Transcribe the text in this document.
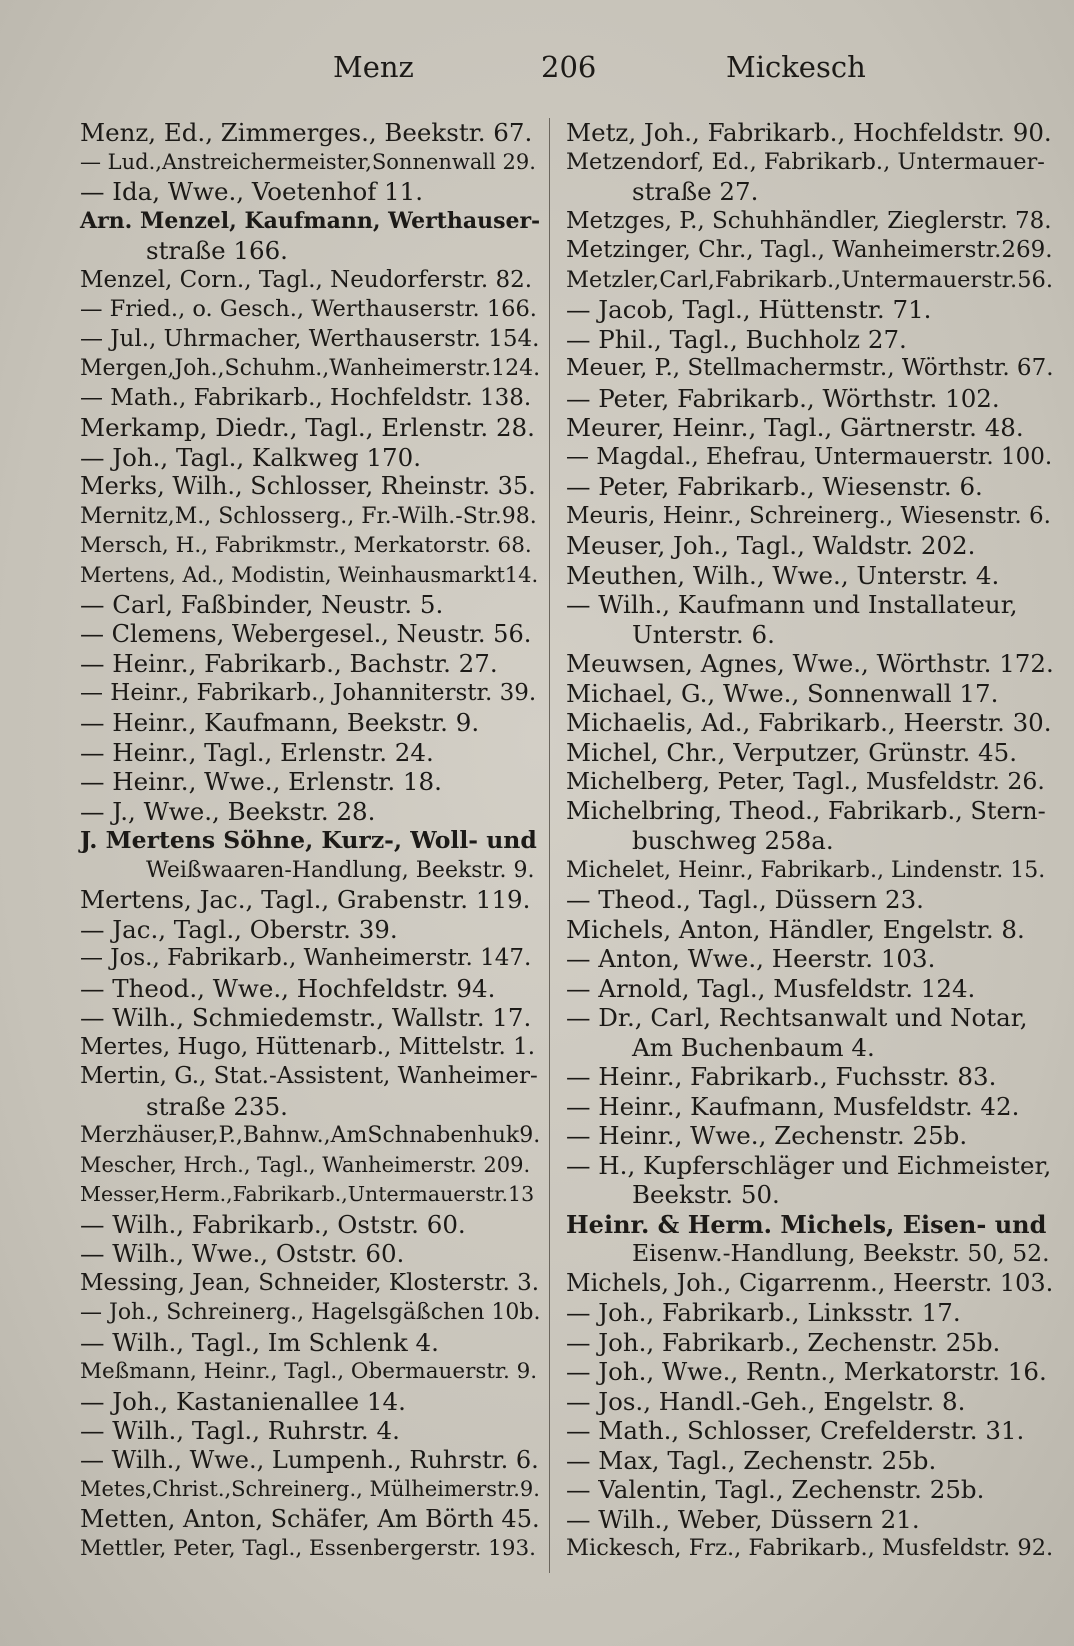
Menz	206	Mickesch
Menz, Ed., Zimmerges., Beekstr. 67.
— Lud.,Anstreichermeister,Sonnenwall 29.
— Ida, Wwe., Voetenhof 11.
Arn. Menzel, Kaufmann, Werthauser-
straße 166.
Menzel, Corn., Tagl., Neudorferstr. 82.
— Fried., o. Gesch., Werthauserstr. 166.
— Jul., Uhrmacher, Werthauserstr. 154.
Mergen,Joh.,Schuhm.,Wanheimerstr.124.
— Math., Fabrikarb., Hochfeldstr. 138.
Merkamp, Diedr., Tagl., Erlenstr. 28.
— Joh., Tagl., Kalkweg 170.
Merks, Wilh., Schlosser, Rheinstr. 35.
Mernitz,M., Schlosserg., Fr.-Wilh.-Str.98.
Mersch, H., Fabrikmstr., Merkatorstr. 68.
Mertens, Ad., Modistin, Weinhausmarkt14.
— Carl, Faßbinder, Neustr. 5.
— Clemens, Webergesel., Neustr. 56.
— Heinr., Fabrikarb., Bachstr. 27.
— Heinr., Fabrikarb., Johanniterstr. 39.
— Heinr., Kaufmann, Beekstr. 9.
— Heinr., Tagl., Erlenstr. 24.
— Heinr., Wwe., Erlenstr. 18.
— J., Wwe., Beekstr. 28.
J. Mertens Söhne, Kurz-, Woll- und
Weißwaaren-Handlung, Beekstr. 9.
Mertens, Jac., Tagl., Grabenstr. 119.
— Jac., Tagl., Oberstr. 39.
— Jos., Fabrikarb., Wanheimerstr. 147.
— Theod., Wwe., Hochfeldstr. 94.
— Wilh., Schmiedemstr., Wallstr. 17.
Mertes, Hugo, Hüttenarb., Mittelstr. 1.
Mertin, G., Stat.-Assistent, Wanheimer-
straße 235.
Merzhäuser,P.,Bahnw.,AmSchnabenhuk9.
Mescher, Hrch., Tagl., Wanheimerstr. 209.
Messer,Herm.,Fabrikarb.,Untermauerstr.13
— Wilh., Fabrikarb., Oststr. 60.
— Wilh., Wwe., Oststr. 60.
Messing, Jean, Schneider, Klosterstr. 3.
— Joh., Schreinerg., Hagelsgäßchen 10b.
— Wilh., Tagl., Im Schlenk 4.
Meßmann, Heinr., Tagl., Obermauerstr. 9.
— Joh., Kastanienallee 14.
— Wilh., Tagl., Ruhrstr. 4.
— Wilh., Wwe., Lumpenh., Ruhrstr. 6.
Metes,Christ.,Schreinerg., Mülheimerstr.9.
Metten, Anton, Schäfer, Am Börth 45.
Mettler, Peter, Tagl., Essenbergerstr. 193.
Metz, Joh., Fabrikarb., Hochfeldstr. 90.
Metzendorf, Ed., Fabrikarb., Untermauer-
straße 27.
Metzges, P., Schuhhändler, Zieglerstr. 78.
Metzinger, Chr., Tagl., Wanheimerstr.269.
Metzler,Carl,Fabrikarb.,Untermauerstr.56.
— Jacob, Tagl., Hüttenstr. 71.
— Phil., Tagl., Buchholz 27.
Meuer, P., Stellmachermstr., Wörthstr. 67.
— Peter, Fabrikarb., Wörthstr. 102.
Meurer, Heinr., Tagl., Gärtnerstr. 48.
— Magdal., Ehefrau, Untermauerstr. 100.
— Peter, Fabrikarb., Wiesenstr. 6.
Meuris, Heinr., Schreinerg., Wiesenstr. 6.
Meuser, Joh., Tagl., Waldstr. 202.
Meuthen, Wilh., Wwe., Unterstr. 4.
— Wilh., Kaufmann und Installateur,
Unterstr. 6.
Meuwsen, Agnes, Wwe., Wörthstr. 172.
Michael, G., Wwe., Sonnenwall 17.
Michaelis, Ad., Fabrikarb., Heerstr. 30.
Michel, Chr., Verputzer, Grünstr. 45.
Michelberg, Peter, Tagl., Musfeldstr. 26.
Michelbring, Theod., Fabrikarb., Stern-
buschweg 258a.
Michelet, Heinr., Fabrikarb., Lindenstr. 15.
— Theod., Tagl., Düssern 23.
Michels, Anton, Händler, Engelstr. 8.
— Anton, Wwe., Heerstr. 103.
— Arnold, Tagl., Musfeldstr. 124.
— Dr., Carl, Rechtsanwalt und Notar,
Am Buchenbaum 4.
— Heinr., Fabrikarb., Fuchsstr. 83.
— Heinr., Kaufmann, Musfeldstr. 42.
— Heinr., Wwe., Zechenstr. 25b.
— H., Kupferschläger und Eichmeister,
Beekstr. 50.
Heinr. & Herm. Michels, Eisen- und
Eisenw.-Handlung, Beekstr. 50, 52.
Michels, Joh., Cigarrenm., Heerstr. 103.
— Joh., Fabrikarb., Linksstr. 17.
— Joh., Fabrikarb., Zechenstr. 25b.
— Joh., Wwe., Rentn., Merkatorstr. 16.
— Jos., Handl.-Geh., Engelstr. 8.
— Math., Schlosser, Crefelderstr. 31.
— Max, Tagl., Zechenstr. 25b.
— Valentin, Tagl., Zechenstr. 25b.
— Wilh., Weber, Düssern 21.
Mickesch, Frz., Fabrikarb., Musfeldstr. 92.
